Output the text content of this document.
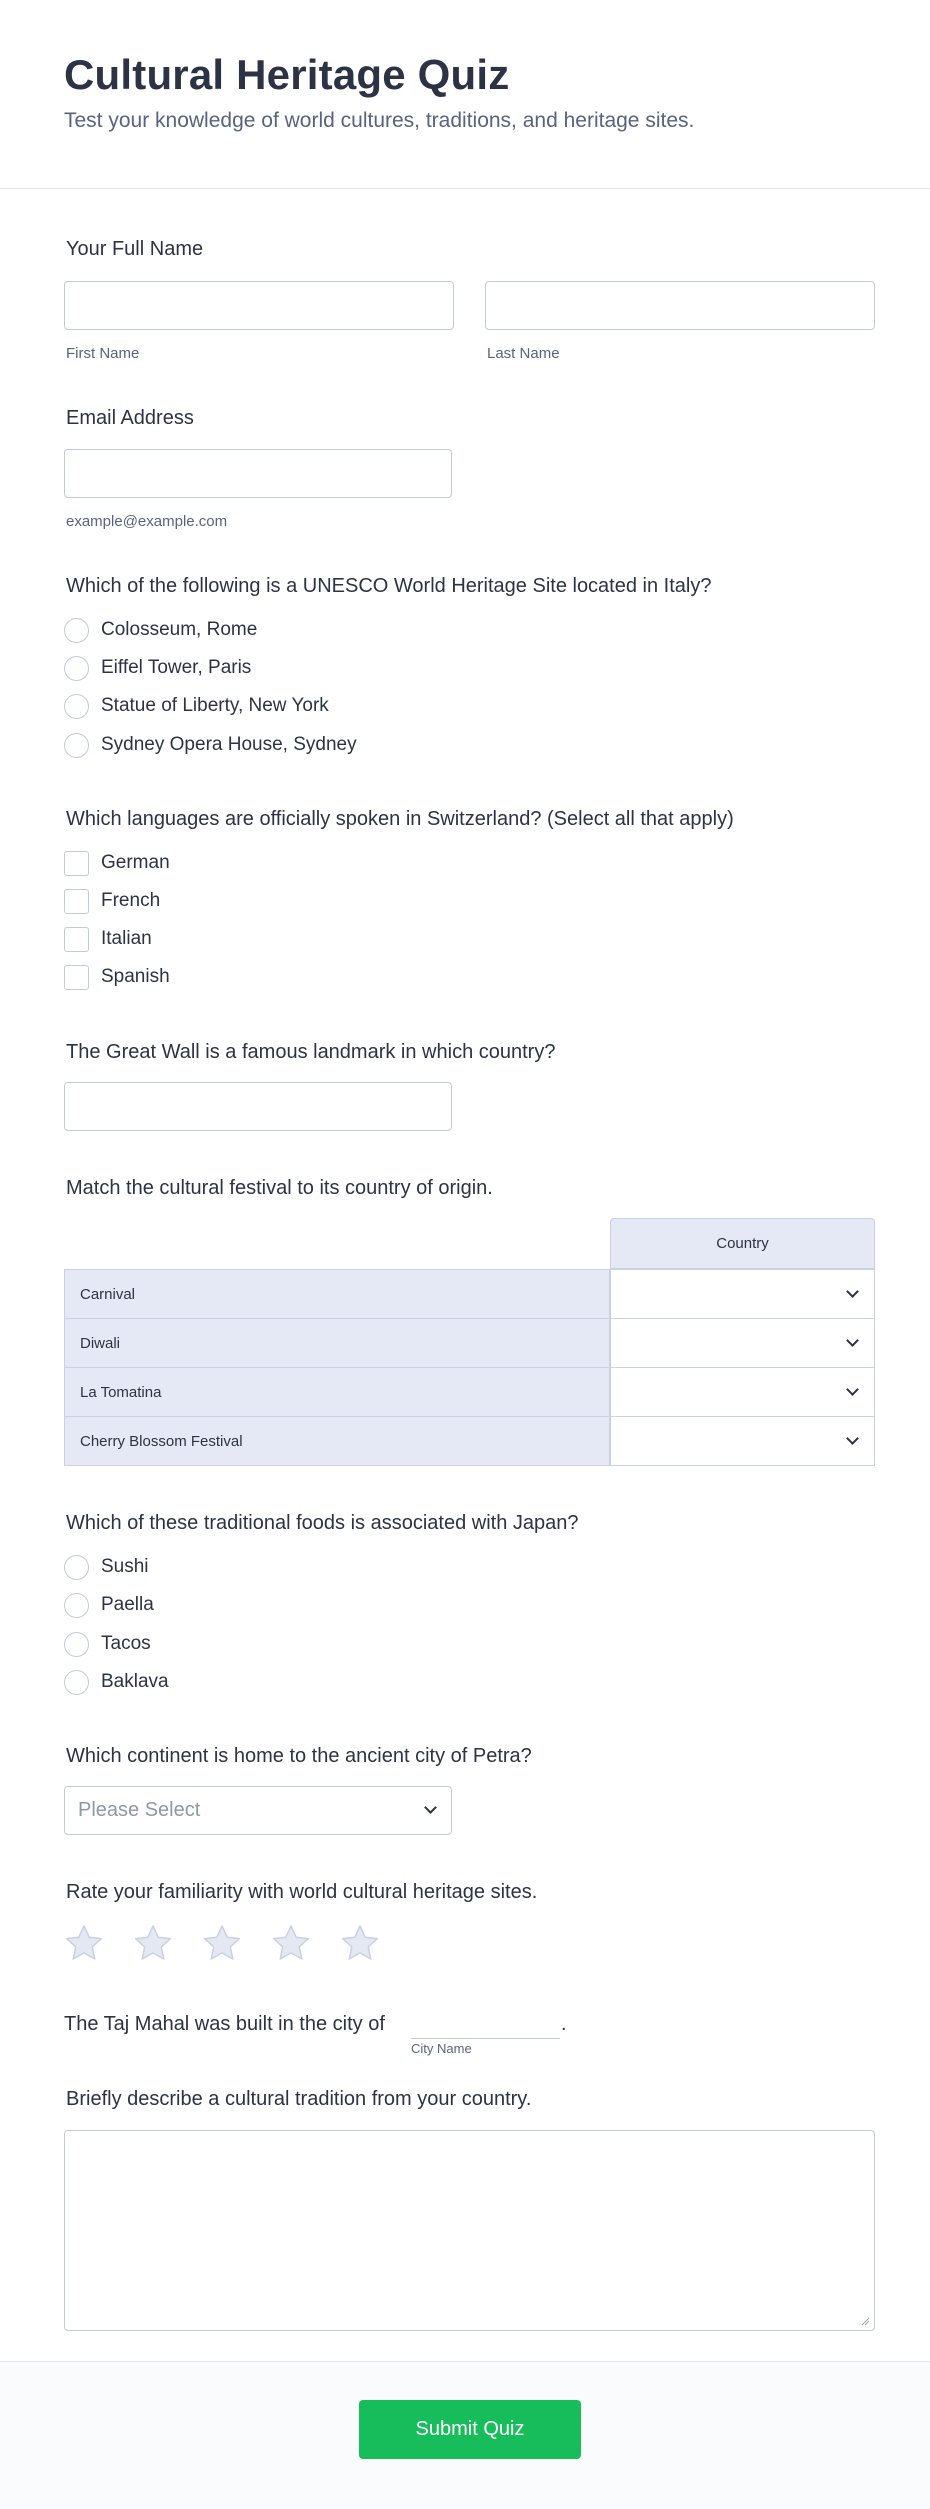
Cultural Heritage Quiz
Test your knowledge of world cultures, traditions, and heritage sites.
Your Full Name
First Name	Last Name
Email Address
example@example.com
Which of the following is a UNESCO World Heritage Site located in Italy?
Colosseum, Rome
Eiffel Tower, Paris
Statue of Liberty, New York
Sydney Opera House, Sydney
Which languages are officially spoken in Switzerland? (Select all that apply)
German
French
Italian
Spanish
The Great Wall is a famous landmark in which country?
Match the cultural festival to its country of origin.
Country
Carnival
Diwali
La Tomatina
Cherry Blossom Festival
Which of these traditional foods is associated with Japan?
Sushi
Paella
Tacos
Baklava
Which continent is home to the ancient city of Petra?
Please Select
Rate your familiarity with world cultural heritage sites.
The Taj Mahal was built in the city of	.
City Name
Briefly describe a cultural tradition from your country.
Submit Quiz
